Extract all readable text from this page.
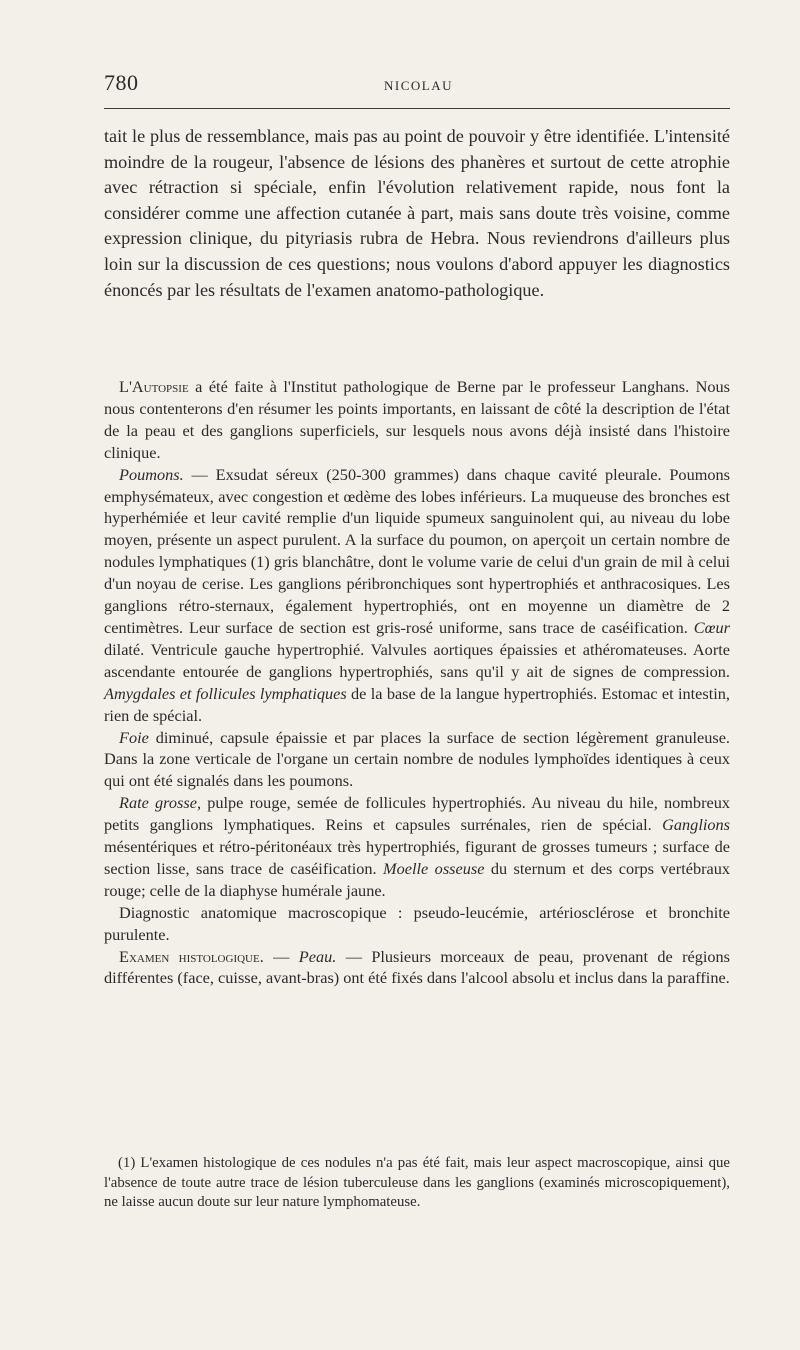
780	NICOLAU

tait le plus de ressemblance, mais pas au point de pouvoir y être identifiée. L'intensité moindre de la rougeur, l'absence de lésions des phanères et surtout de cette atrophie avec rétraction si spéciale, enfin l'évolution relativement rapide, nous font la considérer comme une affection cutanée à part, mais sans doute très voisine, comme expression clinique, du pityriasis rubra de Hebra. Nous reviendrons d'ailleurs plus loin sur la discussion de ces questions; nous voulons d'abord appuyer les diagnostics énoncés par les résultats de l'examen anatomo-pathologique.

L'Autopsie a été faite à l'Institut pathologique de Berne par le professeur Langhans. Nous nous contenterons d'en résumer les points importants, en laissant de côté la description de l'état de la peau et des ganglions superficiels, sur lesquels nous avons déjà insisté dans l'histoire clinique.

Poumons. — Exsudat séreux (250-300 grammes) dans chaque cavité pleurale. Poumons emphysémateux, avec congestion et œdème des lobes inférieurs. La muqueuse des bronches est hyperhémiée et leur cavité remplie d'un liquide spumeux sanguinolent qui, au niveau du lobe moyen, présente un aspect purulent. A la surface du poumon, on aperçoit un certain nombre de nodules lymphatiques (1) gris blanchâtre, dont le volume varie de celui d'un grain de mil à celui d'un noyau de cerise. Les ganglions péribronchiques sont hypertrophiés et anthracosiques. Les ganglions rétro-sternaux, également hypertrophiés, ont en moyenne un diamètre de 2 centimètres. Leur surface de section est gris-rosé uniforme, sans trace de caséification. Cœur dilaté. Ventricule gauche hypertrophié. Valvules aortiques épaissies et athéromateuses. Aorte ascendante entourée de ganglions hypertrophiés, sans qu'il y ait de signes de compression. Amygdales et follicules lymphatiques de la base de la langue hypertrophiés. Estomac et intestin, rien de spécial.

Foie diminué, capsule épaissie et par places la surface de section légèrement granuleuse. Dans la zone verticale de l'organe un certain nombre de nodules lymphoïdes identiques à ceux qui ont été signalés dans les poumons.

Rate grosse, pulpe rouge, semée de follicules hypertrophiés. Au niveau du hile, nombreux petits ganglions lymphatiques. Reins et capsules surrénales, rien de spécial. Ganglions mésentériques et rétro-péritonéaux très hypertrophiés, figurant de grosses tumeurs ; surface de section lisse, sans trace de caséification. Moelle osseuse du sternum et des corps vertébraux rouge; celle de la diaphyse humérale jaune.

Diagnostic anatomique macroscopique : pseudo-leucémie, artériosclérose et bronchite purulente.

Examen histologique. — Peau. — Plusieurs morceaux de peau, provenant de régions différentes (face, cuisse, avant-bras) ont été fixés dans l'alcool absolu et inclus dans la paraffine.

(1) L'examen histologique de ces nodules n'a pas été fait, mais leur aspect macroscopique, ainsi que l'absence de toute autre trace de lésion tuberculeuse dans les ganglions (examinés microscopiquement), ne laisse aucun doute sur leur nature lymphomateuse.
